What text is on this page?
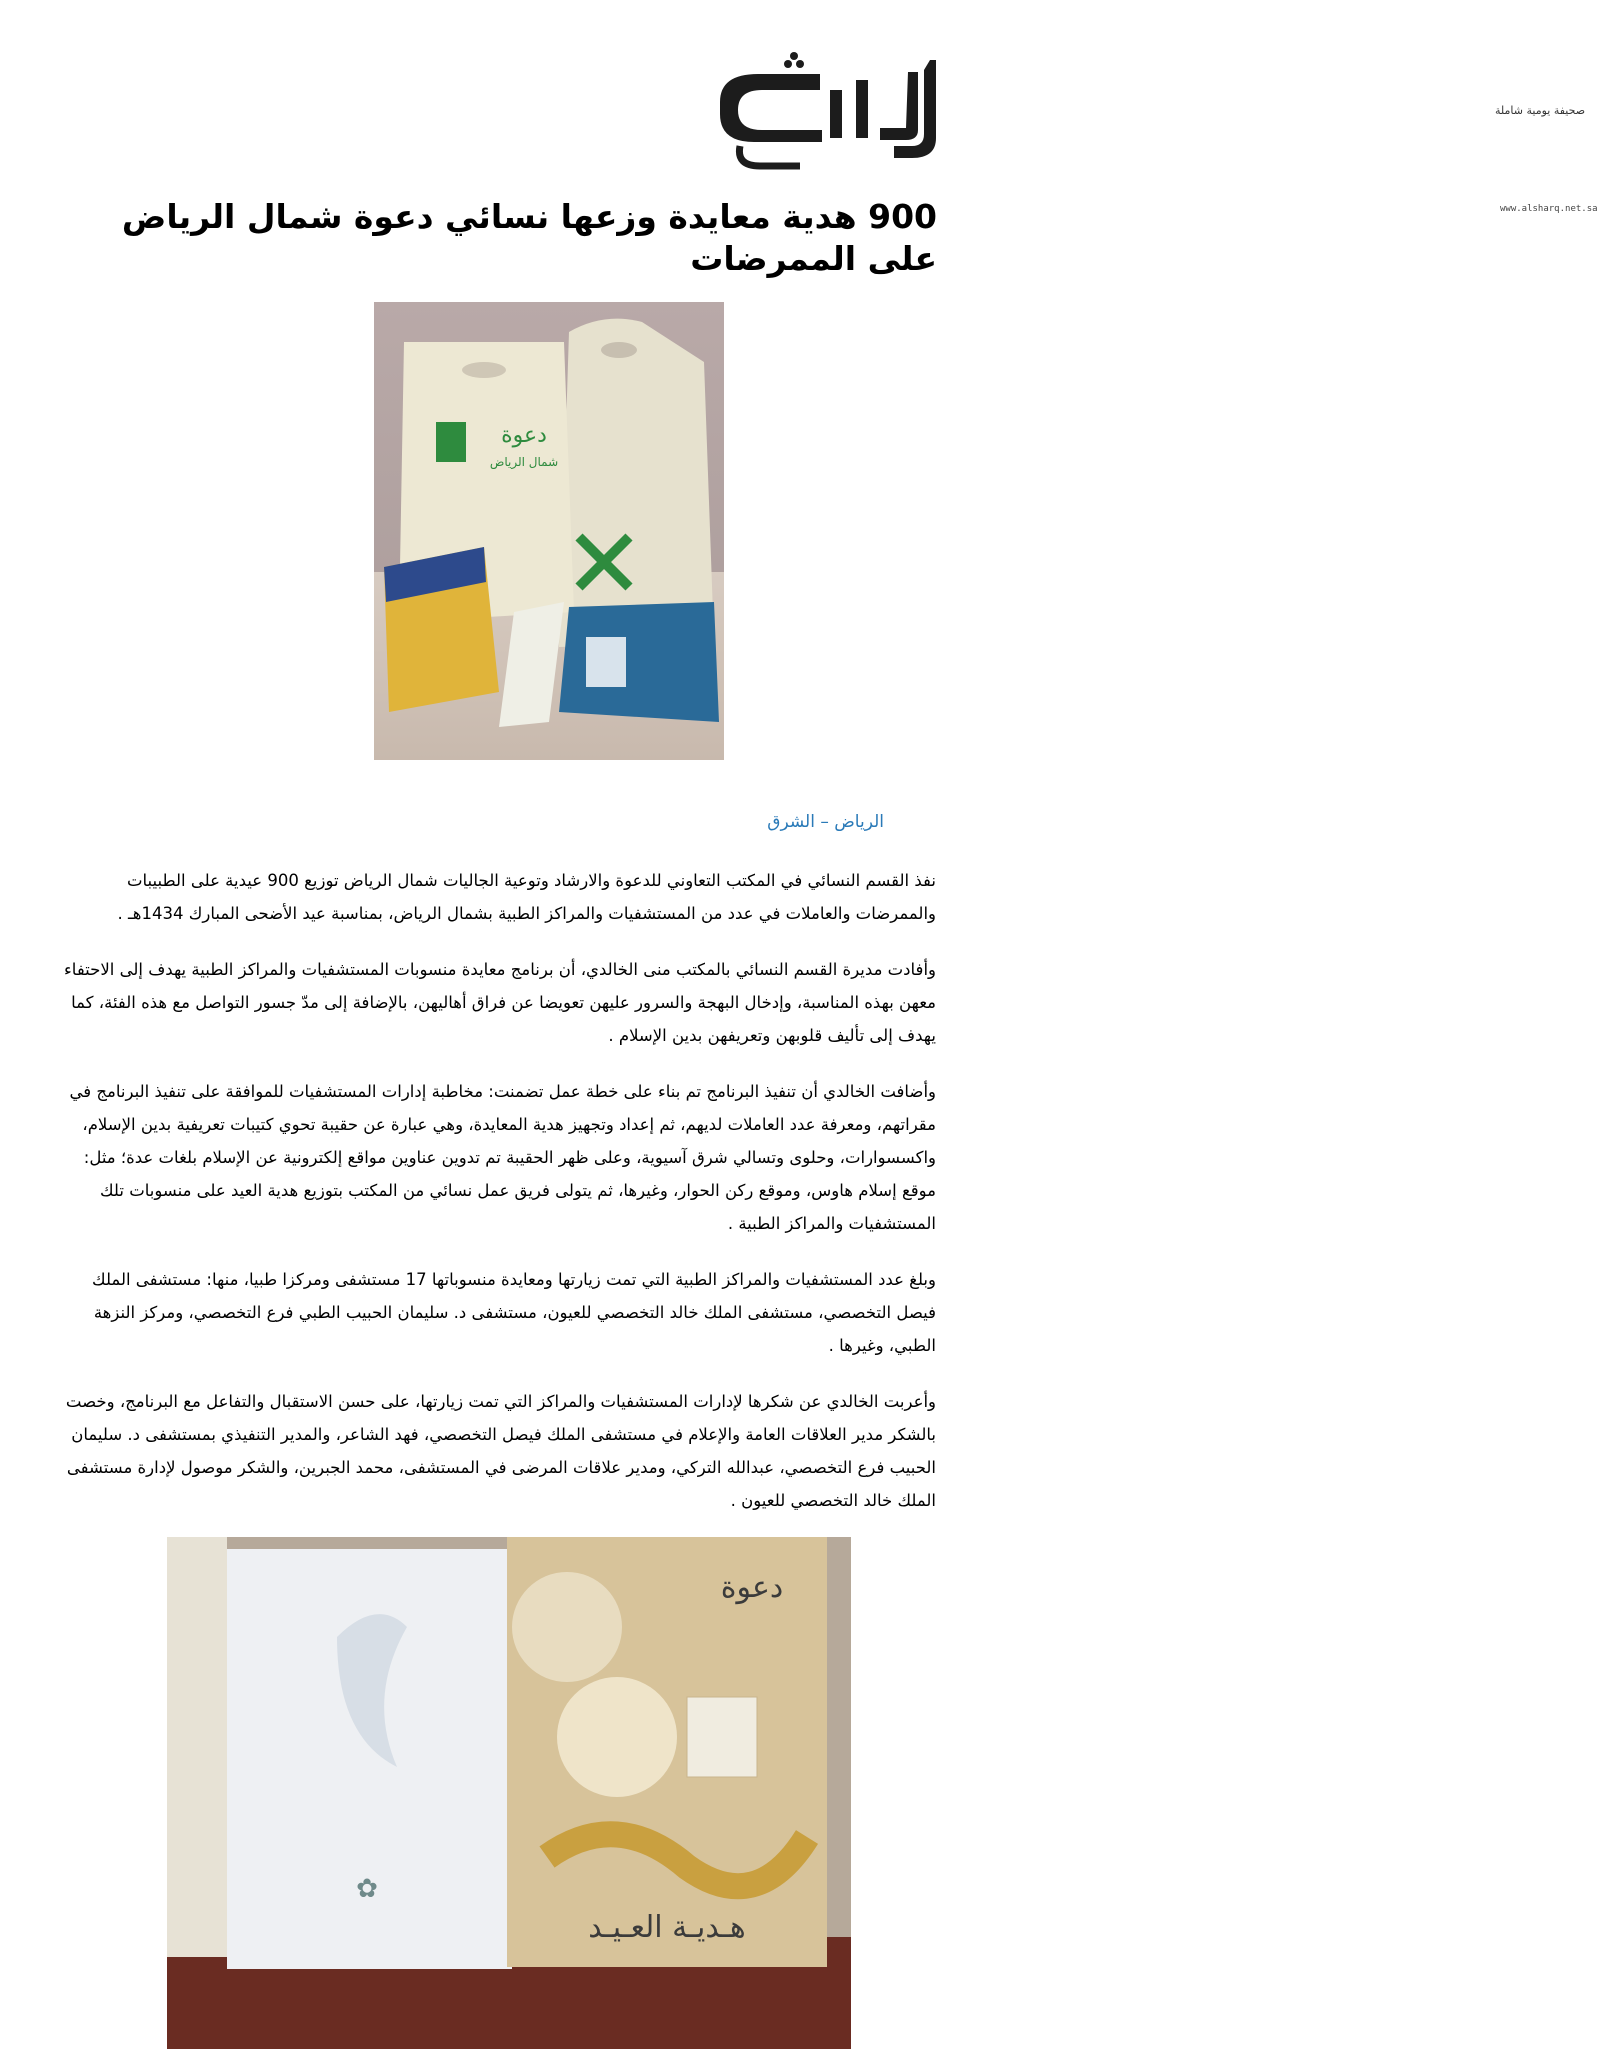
صحيفة يومية شاملة
www.alsharq.net.sa
900 هدية معايدة وزعها نسائي دعوة شمال الرياض على الممرضات
دعوة
شمال الرياض
الرياض – الشرق

نفذ القسم النسائي في المكتب التعاوني للدعوة والارشاد وتوعية الجاليات شمال الرياض توزيع 900 عيدية على الطبيبات والممرضات والعاملات في عدد من المستشفيات والمراكز الطبية بشمال الرياض، بمناسبة عيد الأضحى المبارك 1434هـ .

وأفادت مديرة القسم النسائي بالمكتب منى الخالدي، أن برنامج معايدة منسوبات المستشفيات والمراكز الطبية يهدف إلى الاحتفاء معهن بهذه المناسبة، وإدخال البهجة والسرور عليهن تعويضا عن فراق أهاليهن، بالإضافة إلى مدّ جسور التواصل مع هذه الفئة، كما يهدف إلى تأليف قلوبهن وتعريفهن بدين الإسلام .

وأضافت الخالدي أن تنفيذ البرنامج تم بناء على خطة عمل تضمنت: مخاطبة إدارات المستشفيات للموافقة على تنفيذ البرنامج في مقراتهم، ومعرفة عدد العاملات لديهم، ثم إعداد وتجهيز هدية المعايدة، وهي عبارة عن حقيبة تحوي كتيبات تعريفية بدين الإسلام، واكسسوارات، وحلوى وتسالي شرق آسيوية، وعلى ظهر الحقيبة تم تدوين عناوين مواقع إلكترونية عن الإسلام بلغات عدة؛ مثل: موقع إسلام هاوس، وموقع ركن الحوار، وغيرها، ثم يتولى فريق عمل نسائي من المكتب بتوزيع هدية العيد على منسوبات تلك المستشفيات والمراكز الطبية .

وبلغ عدد المستشفيات والمراكز الطبية التي تمت زيارتها ومعايدة منسوباتها 17 مستشفى ومركزا طبيا، منها: مستشفى الملك فيصل التخصصي، مستشفى الملك خالد التخصصي للعيون، مستشفى د. سليمان الحبيب الطبي فرع التخصصي، ومركز النزهة الطبي، وغيرها .

وأعربت الخالدي عن شكرها لإدارات المستشفيات والمراكز التي تمت زيارتها، على حسن الاستقبال والتفاعل مع البرنامج، وخصت بالشكر مدير العلاقات العامة والإعلام في مستشفى الملك فيصل التخصصي، فهد الشاعر، والمدير التنفيذي بمستشفى د. سليمان الحبيب فرع التخصصي، عبدالله التركي، ومدير علاقات المرضى في المستشفى، محمد الجبرين، والشكر موصول لإدارة مستشفى الملك خالد التخصصي للعيون .

✿
دعوة
هـديـة العـيـد
